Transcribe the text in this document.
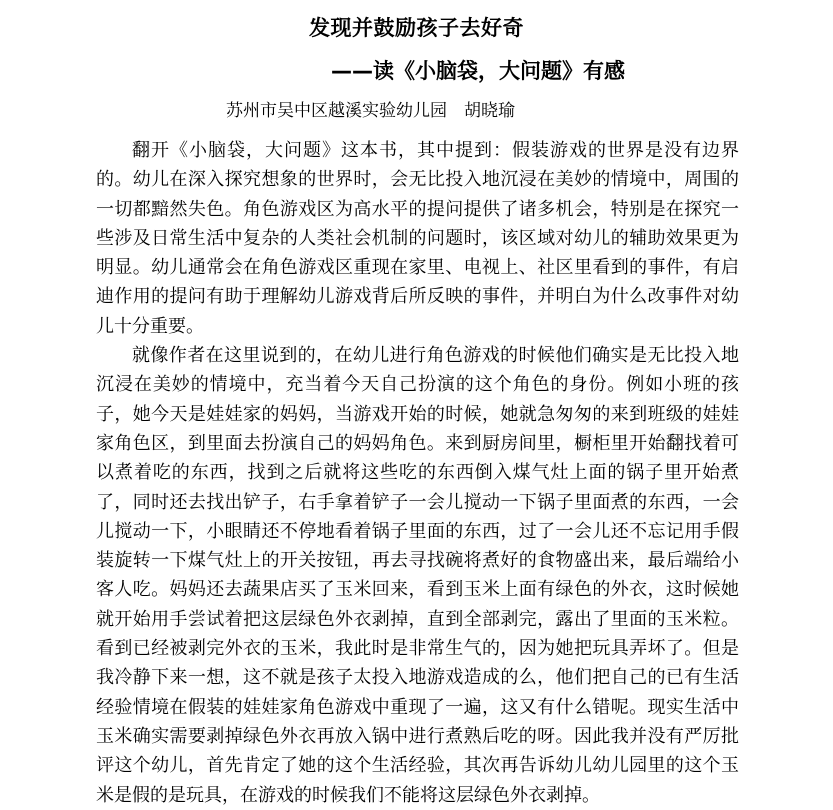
发现并鼓励孩子去好奇
——读《小脑袋，大问题》有感
苏州市吴中区越溪实验幼儿园　胡晓瑜

翻开《小脑袋，大问题》这本书，其中提到：假装游戏的世界是没有边界的。幼儿在深入探究想象的世界时，会无比投入地沉浸在美妙的情境中，周围的一切都黯然失色。角色游戏区为高水平的提问提供了诸多机会，特别是在探究一些涉及日常生活中复杂的人类社会机制的问题时，该区域对幼儿的辅助效果更为明显。幼儿通常会在角色游戏区重现在家里、电视上、社区里看到的事件，有启迪作用的提问有助于理解幼儿游戏背后所反映的事件，并明白为什么改事件对幼儿十分重要。

就像作者在这里说到的，在幼儿进行角色游戏的时候他们确实是无比投入地沉浸在美妙的情境中，充当着今天自己扮演的这个角色的身份。例如小班的孩子，她今天是娃娃家的妈妈，当游戏开始的时候，她就急匆匆的来到班级的娃娃家角色区，到里面去扮演自己的妈妈角色。来到厨房间里，橱柜里开始翻找着可以煮着吃的东西，找到之后就将这些吃的东西倒入煤气灶上面的锅子里开始煮了，同时还去找出铲子，右手拿着铲子一会儿搅动一下锅子里面煮的东西，一会儿搅动一下，小眼睛还不停地看着锅子里面的东西，过了一会儿还不忘记用手假装旋转一下煤气灶上的开关按钮，再去寻找碗将煮好的食物盛出来，最后端给小客人吃。妈妈还去蔬果店买了玉米回来，看到玉米上面有绿色的外衣，这时候她就开始用手尝试着把这层绿色外衣剥掉，直到全部剥完，露出了里面的玉米粒。看到已经被剥完外衣的玉米，我此时是非常生气的，因为她把玩具弄坏了。但是我冷静下来一想，这不就是孩子太投入地游戏造成的么，他们把自己的已有生活经验情境在假装的娃娃家角色游戏中重现了一遍，这又有什么错呢。现实生活中玉米确实需要剥掉绿色外衣再放入锅中进行煮熟后吃的呀。因此我并没有严厉批评这个幼儿，首先肯定了她的这个生活经验，其次再告诉幼儿幼儿园里的这个玉米是假的是玩具，在游戏的时候我们不能将这层绿色外衣剥掉。
